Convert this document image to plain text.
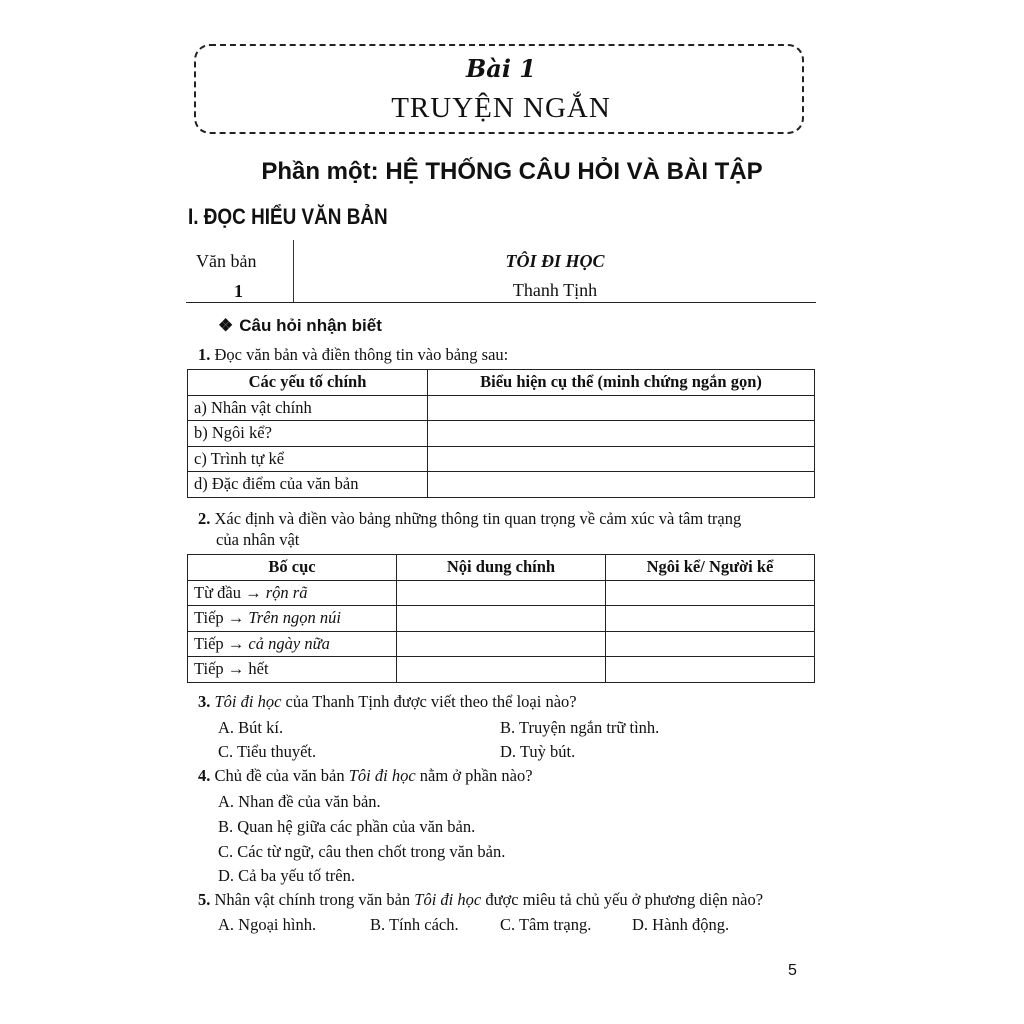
Bài 1
TRUYỆN NGẮN
Phần một: HỆ THỐNG CÂU HỎI VÀ BÀI TẬP
I. ĐỌC HIỂU VĂN BẢN
Văn bản
1
TÔI ĐI HỌC
Thanh Tịnh
❖ Câu hỏi nhận biết
1. Đọc văn bản và điền thông tin vào bảng sau:
Các yếu tố chính	Biểu hiện cụ thể (minh chứng ngắn gọn)
a) Nhân vật chính	
b) Ngôi kể?	
c) Trình tự kể	
d) Đặc điểm của văn bản	
2. Xác định và điền vào bảng những thông tin quan trọng về cảm xúc và tâm trạng
của nhân vật
Bố cục	Nội dung chính	Ngôi kể/ Người kể
Từ đầu → rộn rã		
Tiếp → Trên ngọn núi		
Tiếp → cả ngày nữa		
Tiếp → hết		
3. Tôi đi học của Thanh Tịnh được viết theo thể loại nào?
A. Bút kí.	B. Truyện ngắn trữ tình.
C. Tiểu thuyết.	D. Tuỳ bút.
4. Chủ đề của văn bản Tôi đi học nằm ở phần nào?
A. Nhan đề của văn bản.
B. Quan hệ giữa các phần của văn bản.
C. Các từ ngữ, câu then chốt trong văn bản.
D. Cả ba yếu tố trên.
5. Nhân vật chính trong văn bản Tôi đi học được miêu tả chủ yếu ở phương diện nào?
A. Ngoại hình.	B. Tính cách.	C. Tâm trạng. D. Hành động.
5
